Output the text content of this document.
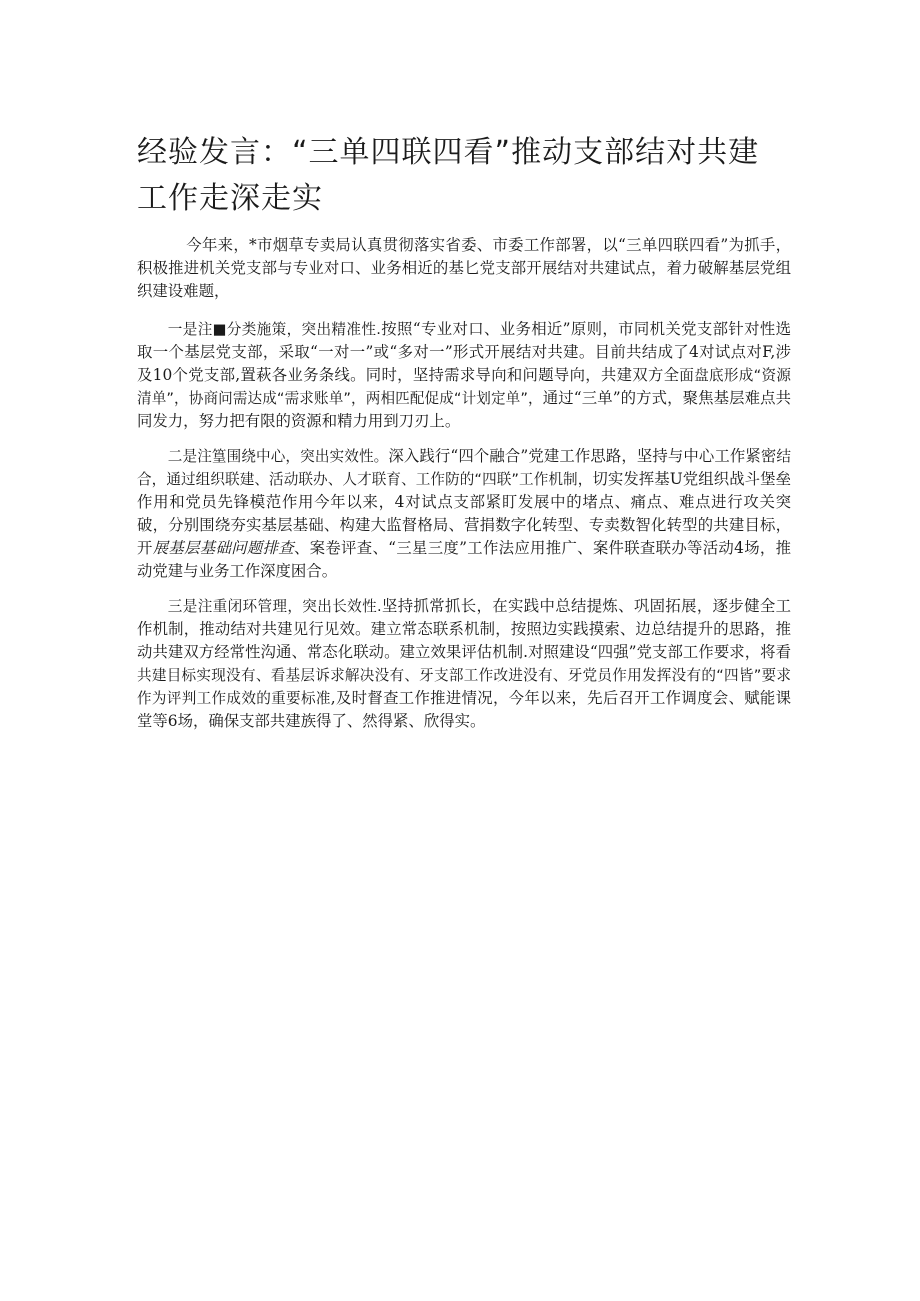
经验发言：“三单四联四看”推动支部结对共建工作走深走实

今年来，*市烟草专卖局认真贯彻落实省委、市委工作部署，以“三单四联四看”为抓手，积极推进机关党支部与专业对口、业务相近的基匕党支部开展结对共建试点，着力破解基层党组织建设难题，

一是注■分类施策，突出精准性.按照“专业对口、业务相近”原则，市同机关党支部针对性选取一个基层党支部，采取“一对一”或“多对一”形式开展结对共建。目前共结成了4对试点对F,涉及10个党支部,置萩各业务条线。同时，坚持需求导向和问题导向，共建双方全面盘底形成“资源清单”，协商问需达成“需求账单”，两相匹配促成“计划定单”，通过“三单”的方式，聚焦基层难点共同发力，努力把有限的资源和精力用到刀刃上。

二是注篁围绕中心，突出实效性。深入践行“四个融合”党建工作思路，坚持与中心工作紧密结合，通过组织联建、活动联办、人才联育、工作防的“四联”工作机制，切实发挥基U党组织战斗堡垒作用和党员先锋模范作用今年以来，4对试点支部紧盯发展中的堵点、痛点、难点进行攻关突破，分别围绕夯实基层基础、构建大监督格局、营捐数字化转型、专卖数智化转型的共建目标，开展基层基础问题排查、案卷评查、“三星三度”工作法应用推广、案件联查联办等活动4场，推动党建与业务工作深度困合。

三是注重闭环管理，突出长效性.坚持抓常抓长，在实践中总结提炼、巩固拓展，逐步健全工作机制，推动结对共建见行见效。建立常态联系机制，按照边实践摸索、边总结提升的思路，推动共建双方经常性沟通、常态化联动。建立效果评估机制.对照建设“四强”党支部工作要求，将看共建目标实现没有、看基层诉求解决没有、牙支部工作改进没有、牙党员作用发挥没有的“四皆”要求作为评判工作成效的重要标准,及时督查工作推进情况，今年以来，先后召开工作调度会、赋能课堂等6场，确保支部共建族得了、然得紧、欣得实。
